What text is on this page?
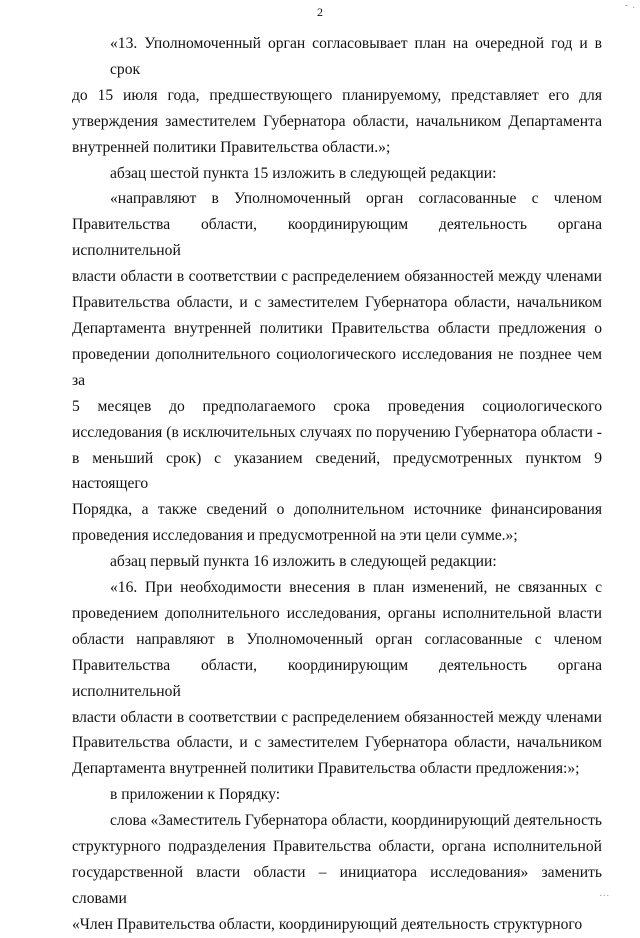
2	- .
...

«13. Уполномоченный орган согласовывает план на очередной год и в срок
до 15 июля года, предшествующего планируемому, представляет его для
утверждения заместителем Губернатора области, начальником Департамента
внутренней политики Правительства области.»;

абзац шестой пункта 15 изложить в следующей редакции:

«направляют в Уполномоченный орган согласованные с членом
Правительства области, координирующим деятельность органа исполнительной
власти области в соответствии с распределением обязанностей между членами
Правительства области, и с заместителем Губернатора области, начальником
Департамента внутренней политики Правительства области предложения о
проведении дополнительного социологического исследования не позднее чем за
5 месяцев до предполагаемого срока проведения социологического
исследования (в исключительных случаях по поручению Губернатора области -
в меньший срок) с указанием сведений, предусмотренных пунктом 9 настоящего
Порядка, а также сведений о дополнительном источнике финансирования
проведения исследования и предусмотренной на эти цели сумме.»;

абзац первый пункта 16 изложить в следующей редакции:

«16. При необходимости внесения в план изменений, не связанных с
проведением дополнительного исследования, органы исполнительной власти
области направляют в Уполномоченный орган согласованные с членом
Правительства области, координирующим деятельность органа исполнительной
власти области в соответствии с распределением обязанностей между членами
Правительства области, и с заместителем Губернатора области, начальником
Департамента внутренней политики Правительства области предложения:»;

в приложении к Порядку:

слова «Заместитель Губернатора области, координирующий деятельность
структурного подразделения Правительства области, органа исполнительной
государственной власти области – инициатора исследования» заменить словами
«Член Правительства области, координирующий деятельность структурного
